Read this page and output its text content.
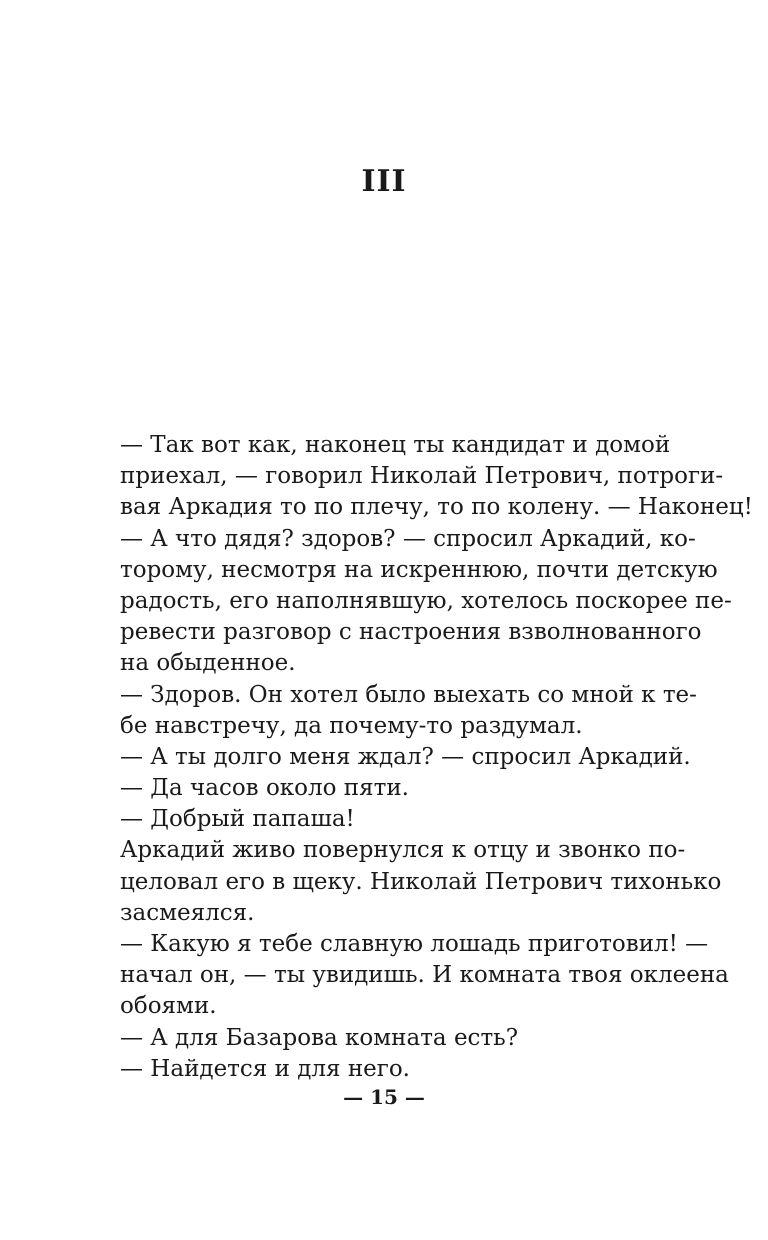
III
— Так вот как, наконец ты кандидат и домой
приехал, — говорил Николай Петрович, потроги-
вая Аркадия то по плечу, то по колену. — Наконец!
— А что дядя? здоров? — спросил Аркадий, ко-
торому, несмотря на искреннюю, почти детскую
радость, его наполнявшую, хотелось поскорее пе-
ревести разговор с настроения взволнованного
на обыденное.
— Здоров. Он хотел было выехать со мной к те-
бе навстречу, да почему-то раздумал.
— А ты долго меня ждал? — спросил Аркадий.
— Да часов около пяти.
— Добрый папаша!
Аркадий живо повернулся к отцу и звонко по-
целовал его в щеку. Николай Петрович тихонько
засмеялся.
— Какую я тебе славную лошадь приготовил! —
начал он, — ты увидишь. И комната твоя оклеена
обоями.
— А для Базарова комната есть?
— Найдется и для него.
— 15 —
